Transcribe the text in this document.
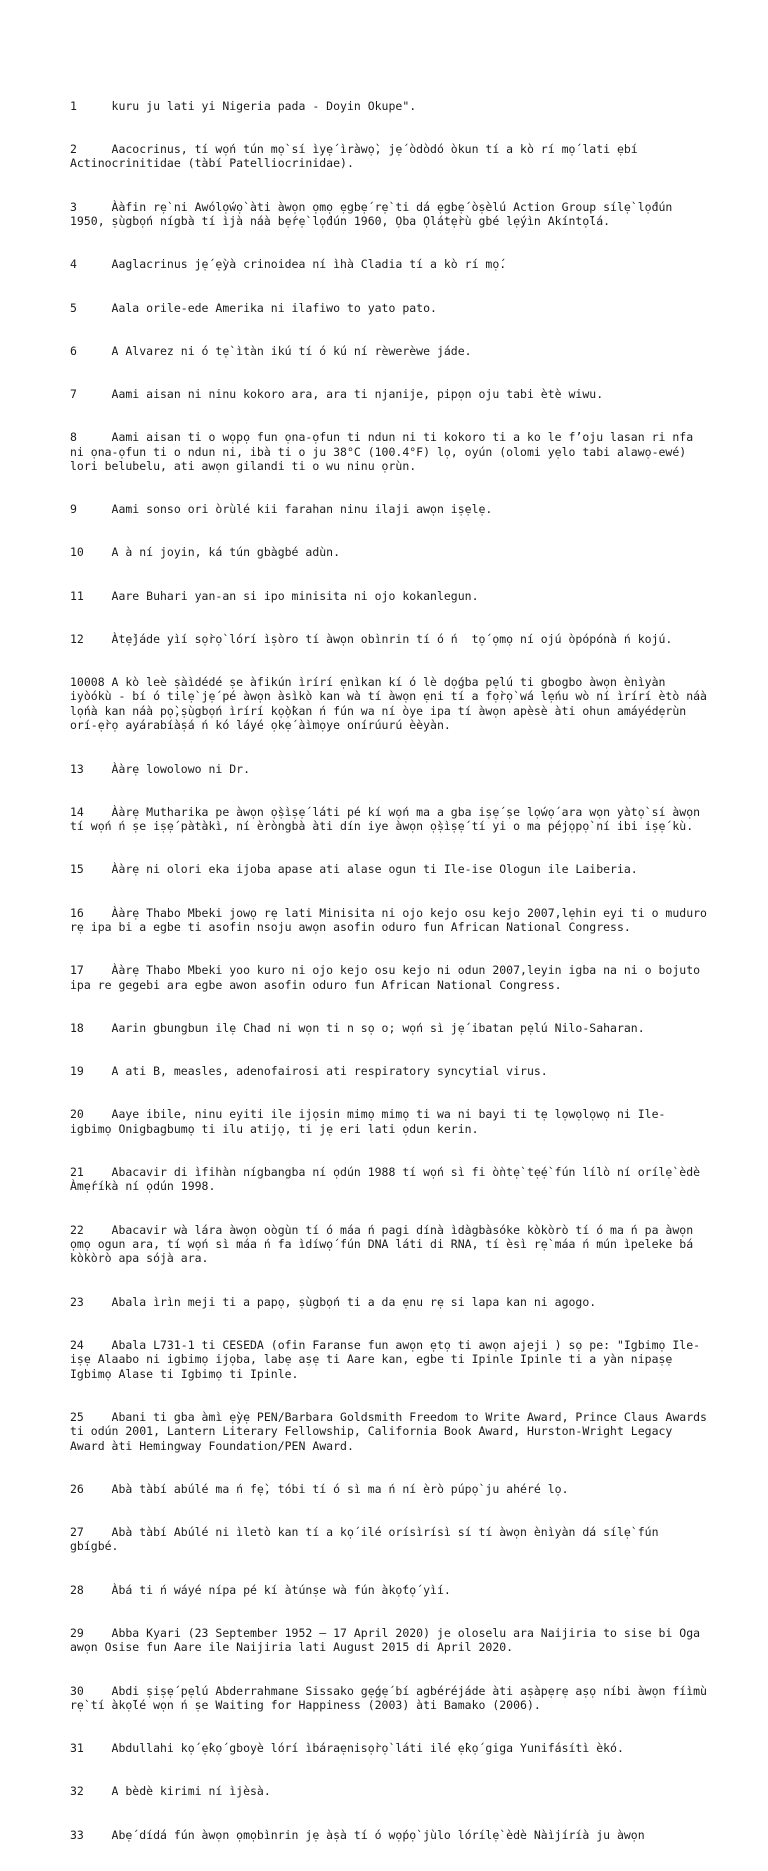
1     kuru ju lati yi Nigeria pada - Doyin Okupe".

2     Aacocrinus, tí wọ́n tún mọ̀ sí ìyẹ́ ìràwọ̀, jẹ́ òdòdó òkun tí a kò rí mọ́ lati ẹbí Actinocrinitidae (tàbí Patelliocrinidae).

3     Ààfin rẹ̀ ni Awólọ́wọ̀ àti àwọn ọmọ ẹgbẹ́ rẹ̀ ti dá ẹgbẹ́ òṣèlú Action Group sílẹ̀ lọ́dún 1950, ṣùgbọ́n nígbà tí ìjà náà bẹ́rẹ̀ lọ́dún 1960, Ọba Ọlátẹ̀rù gbé lẹ́yìn Akíntọ́lá.

4     Aaglacrinus jẹ́ ẹ̀yà crinoidea ní ìhà Cladia tí a kò rí mọ́.

5     Aala orile-ede Amerika ni ilafiwo to yato pato.

6     A Alvarez ni ó tẹ̀ ìtàn ikú tí ó kú ní rèwerèwe jáde.

7     Aami aisan ni ninu kokoro ara, ara ti njanije, pipọn oju tabi ètè wiwu.

8     Aami aisan ti o wọpọ fun ọna-ọfun ti ndun ni ti kokoro ti a ko le f’oju lasan ri nfa ni ọna-ọfun ti o ndun ni, ibà ti o ju 38°C (100.4°F) lọ, oyún (olomi yẹlo tabi alawọ-ewé) lori belubelu, ati awọn gilandi ti o wu ninu ọrùn.

9     Aami sonso ori òrùlé kii farahan ninu ilaji awọn iṣẹlẹ.

10    A à ní joyin, ká tún gbàgbé adùn.

11    Aare Buhari yan-an si ipo minisita ni ojo kokanlegun.

12    Àtẹ̀jáde yìí sọ̀rọ̀ lórí ìṣòro tí àwọn obìnrin tí ó ń  tọ́ ọmọ ní ojú òpópónà ń kojú.

10008 A kò leè ṣàìdédé ṣe àfikún ìrírí ẹnìkan kí ó lè dọ́gba pẹ̀lú ti gbogbo àwọn ènìyàn iyòókù - bí ó tilẹ̀ jẹ́ pé àwọn àsìkò kan wà tí àwọn ẹni tí a fọ̀rọ̀ wá lẹ́nu wò ní ìrírí ètò náà lọ́nà kan náà pọ̀,ṣùgbọ́n ìrírí kọ̀ọ̀kan ń fún wa ní òye ipa tí àwọn apèsè àti ohun amáyédẹrùn orí-ẹ̀rọ ayárabíàṣá ń kó láyé ọkẹ́ àìmọye onírúurú èèyàn.

13    Ààrẹ lowolowo ni Dr.

14    Ààrẹ Mutharika pe àwọn ọ̀ṣìṣẹ́ láti pé kí wọ́n ma a gba iṣẹ́ ṣe lọ́wọ́ ara wọn yàtọ̀ sí àwọn tí wọ́n ń ṣe iṣẹ́ pàtàkì, ní èròngbà àti dín iye àwọn ọ̀ṣìṣẹ́ tí yi o ma péjọpọ̀ ní ibi iṣẹ́ kù.

15    Ààrẹ ni olori eka ijoba apase ati alase ogun ti Ile-ise Ologun ile Laiberia.

16    Ààrẹ Thabo Mbeki jowọ rẹ lati Minisita ni ojo kejo osu kejo 2007,lẹhin eyi ti o muduro rẹ ipa bi a egbe ti asofin nsoju awọn asofin oduro fun African National Congress.

17    Ààrẹ Thabo Mbeki yoo kuro ni ojo kejo osu kejo ni odun 2007,leyin igba na ni o bojuto ipa re gegebi ara egbe awon asofin oduro fun African National Congress.

18    Aarin gbungbun ilẹ Chad ni wọn ti n sọ o; wọ́n sì jẹ́ ibatan pẹ̀lú Nilo-Saharan.

19    A ati B, measles, adenofairosi ati respiratory syncytial virus.

20    Aaye ibile, ninu eyiti ile ijọsin mimọ mimọ ti wa ni bayi ti tẹ lọwọlọwọ ni Ile- igbimọ Onigbagbumọ ti ilu atijọ, ti jẹ eri lati ọdun kerin.

21    Abacavir di ìfihàn nígbangba ní ọdún 1988 tí wọ́n sì fi òǹtẹ̀ tẹ́ẹ̀ fún lílò ní orílẹ̀ èdè Àmẹ́ríkà ní ọdún 1998.

22    Abacavir wà lára àwọn oògùn tí ó máa ń pagi dínà ìdàgbàsóke kòkòrò tí ó ma ń pa àwọn ọmọ ogun ara, tí wọ́n sì máa ń fa ìdíwọ́ fún DNA láti di RNA, tí èsì rẹ̀ máa ń mún ìpeleke bá kòkòrò apa sójà ara.

23    Abala ìrìn meji ti a papọ, ṣùgbọ́n ti a da ẹnu rẹ si lapa kan ni agogo.

24    Abala L731-1 ti CESEDA (ofin Faranse fun awọn ẹtọ ti awọn ajeji ) sọ pe: "Igbimọ Ile-iṣẹ Alaabo ni igbimọ ijọba, labẹ aṣẹ ti Aare kan, egbe ti Ipinle Ipinle ti a yàn nipaṣẹ Igbimọ Alase ti Igbimọ ti Ipinle.

25    Abani ti gba àmì ẹ̀yẹ PEN/Barbara Goldsmith Freedom to Write Award, Prince Claus Awards ti odún 2001, Lantern Literary Fellowship, California Book Award, Hurston-Wright Legacy Award àti Hemingway Foundation/PEN Award.

26    Abà tàbí abúlé ma ń fẹ̀, tóbi tí ó sì ma ń ní èrò púpọ̀ ju ahéré lọ.

27    Abà tàbí Abúlé ni ìletò kan tí a kọ́ ilé orísìrísì sí tí àwọn ènìyàn dá sílẹ̀ fún gbígbé.

28    Àbá ti ń wáyé nípa pé kí àtúnṣe wà fún àkọ́tọ́ yìí.

29    Abba Kyari (23 September 1952 – 17 April 2020) je oloselu ara Naijiria to sise bi Oga awọn Osise fun Aare ile Naijiria lati August 2015 di April 2020.

30    Abdi ṣiṣẹ́ pẹ̀lú Abderrahmane Sissako gẹ́gẹ́ bí agbéréjáde àti aṣàpẹrẹ aṣọ níbi àwọn fíìmù rẹ̀ tí àkọ́lé wọn ń ṣe Waiting for Happiness (2003) àti Bamako (2006).

31    Abdullahi kọ́ ẹ̀kọ́ gboyè lórí ìbáraẹnisọ̀rọ̀ láti ilé ẹ̀kọ́ giga Yunifásítì èkó.

32    A bèdè kirimi ní ìjèsà.

33    Abẹ́ dídá fún àwọn ọmọbìnrin jẹ àṣà tí ó wọ́pọ̀ jùlo lórílẹ̀ èdè Nàìjíríà ju àwọn
